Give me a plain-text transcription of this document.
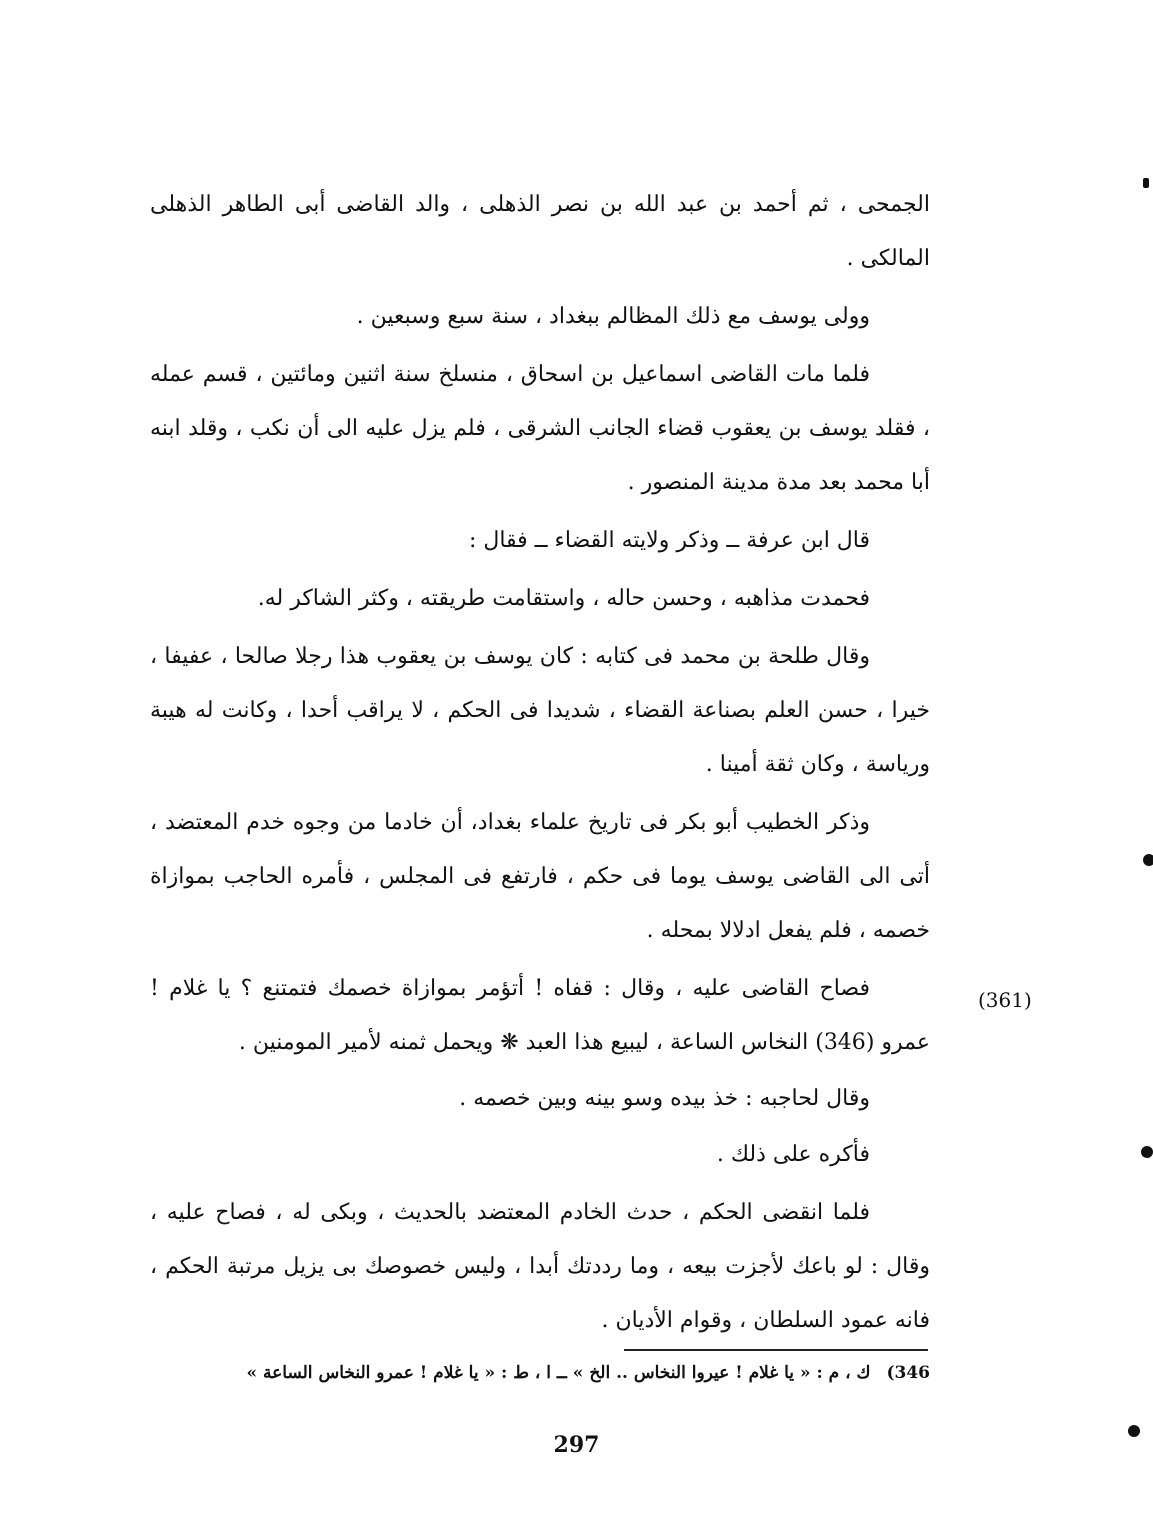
الجمحى ، ثم أحمد بن عبد الله بن نصر الذهلى ، والد القاضى أبى الطاهر الذهلى المالكى .

وولى يوسف مع ذلك المظالم ببغداد ، سنة سبع وسبعين .

فلما مات القاضى اسماعيل بن اسحاق ، منسلخ سنة اثنين ومائتين ، قسم عمله ، فقلد يوسف بن يعقوب قضاء الجانب الشرقى ، فلم يزل عليه الى أن نكب ، وقلد ابنه أبا محمد بعد مدة مدينة المنصور .

قال ابن عرفة ــ وذكر ولايته القضاء ــ فقال :

فحمدت مذاهبه ، وحسن حاله ، واستقامت طريقته ، وكثر الشاكر له.

وقال طلحة بن محمد فى كتابه : كان يوسف بن يعقوب هذا رجلا صالحا ، عفيفا ، خيرا ، حسن العلم بصناعة القضاء ، شديدا فى الحكم ، لا يراقب أحدا ، وكانت له هيبة ورياسة ، وكان ثقة أمينا .

وذكر الخطيب أبو بكر فى تاريخ علماء بغداد، أن خادما من وجوه خدم المعتضد ، أتى الى القاضى يوسف يوما فى حكم ، فارتفع فى المجلس ، فأمره الحاجب بموازاة خصمه ، فلم يفعل ادلالا بمحله .

فصاح القاضى عليه ، وقال : قفاه ! أتؤمر بموازاة خصمك فتمتنع ؟ يا غلام ! عمرو (346) النخاس الساعة ، ليبيع هذا العبد ❋ ويحمل ثمنه لأمير المومنين .

وقال لحاجبه : خذ بيده وسو بينه وبين خصمه .

فأكره على ذلك .

فلما انقضى الحكم ، حدث الخادم المعتضد بالحديث ، وبكى له ، فصاح عليه ، وقال : لو باعك لأجزت بيعه ، وما رددتك أبدا ، وليس خصوصك بى يزيل مرتبة الحكم ، فانه عمود السلطان ، وقوام الأديان .

(361)
346) ك ، م : « يا غلام ! عيروا النخاس .. الخ » ــ ا ، ط : « يا غلام ! عمرو النخاس الساعة »
297
